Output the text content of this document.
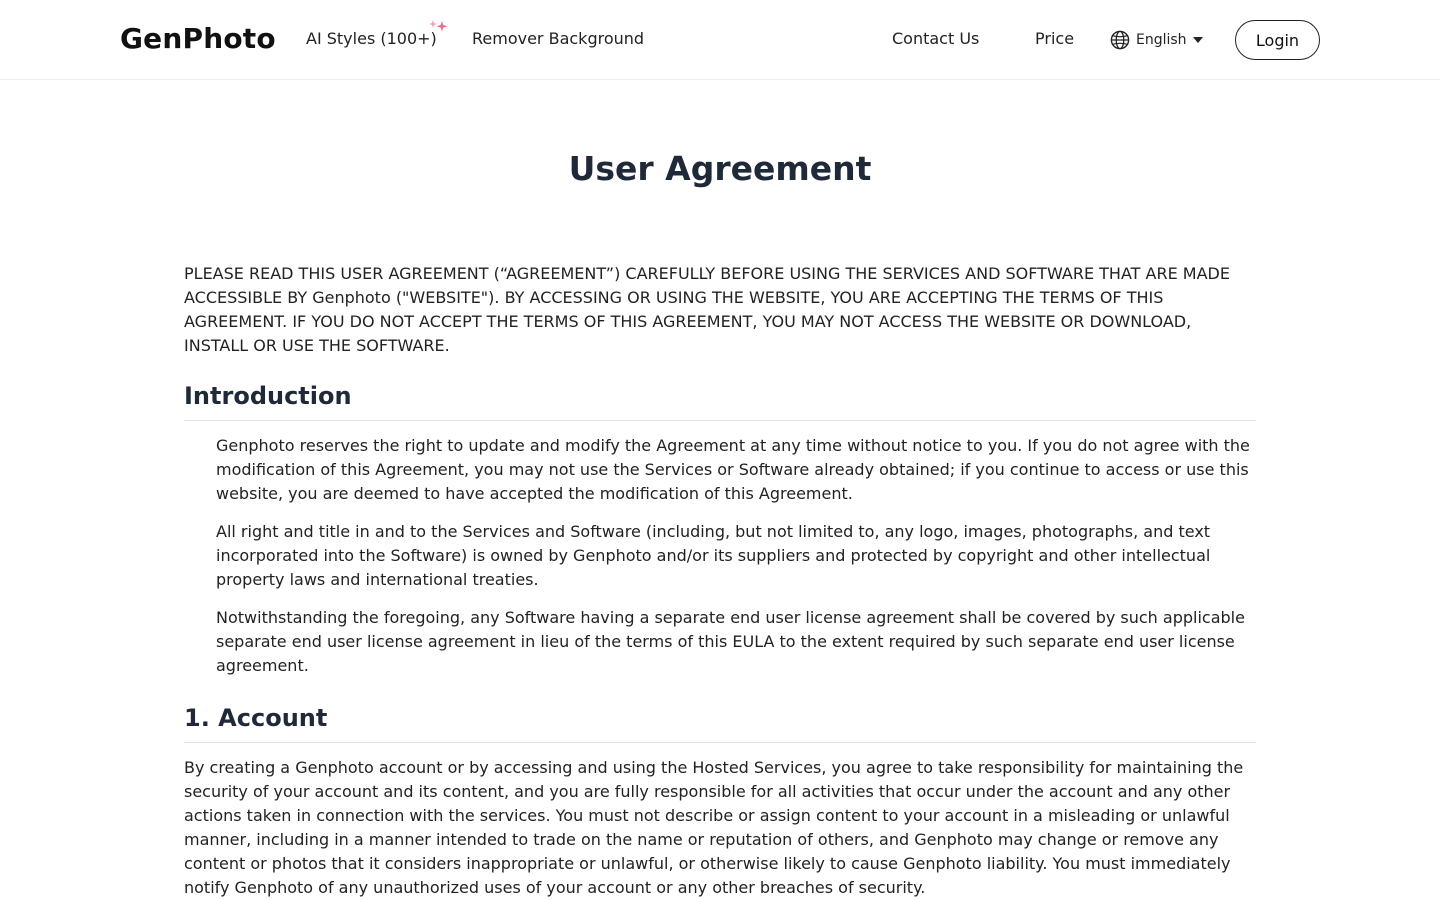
GenPhoto AI Styles (100+) Remover Background	Contact Us	Price	English	Login
User Agreement

PLEASE READ THIS USER AGREEMENT (“AGREEMENT”) CAREFULLY BEFORE USING THE SERVICES AND SOFTWARE THAT ARE MADE ACCESSIBLE BY Genphoto ("WEBSITE"). BY ACCESSING OR USING THE WEBSITE, YOU ARE ACCEPTING THE TERMS OF THIS AGREEMENT. IF YOU DO NOT ACCEPT THE TERMS OF THIS AGREEMENT, YOU MAY NOT ACCESS THE WEBSITE OR DOWNLOAD, INSTALL OR USE THE SOFTWARE.

Introduction

Genphoto reserves the right to update and modify the Agreement at any time without notice to you. If you do not agree with the modification of this Agreement, you may not use the Services or Software already obtained; if you continue to access or use this website, you are deemed to have accepted the modification of this Agreement.

All right and title in and to the Services and Software (including, but not limited to, any logo, images, photographs, and text incorporated into the Software) is owned by Genphoto and/or its suppliers and protected by copyright and other intellectual property laws and international treaties.

Notwithstanding the foregoing, any Software having a separate end user license agreement shall be covered by such applicable separate end user license agreement in lieu of the terms of this EULA to the extent required by such separate end user license agreement.

1. Account

By creating a Genphoto account or by accessing and using the Hosted Services, you agree to take responsibility for maintaining the security of your account and its content, and you are fully responsible for all activities that occur under the account and any other actions taken in connection with the services. You must not describe or assign content to your account in a misleading or unlawful manner, including in a manner intended to trade on the name or reputation of others, and Genphoto may change or remove any content or photos that it considers inappropriate or unlawful, or otherwise likely to cause Genphoto liability. You must immediately notify Genphoto of any unauthorized uses of your account or any other breaches of security.
